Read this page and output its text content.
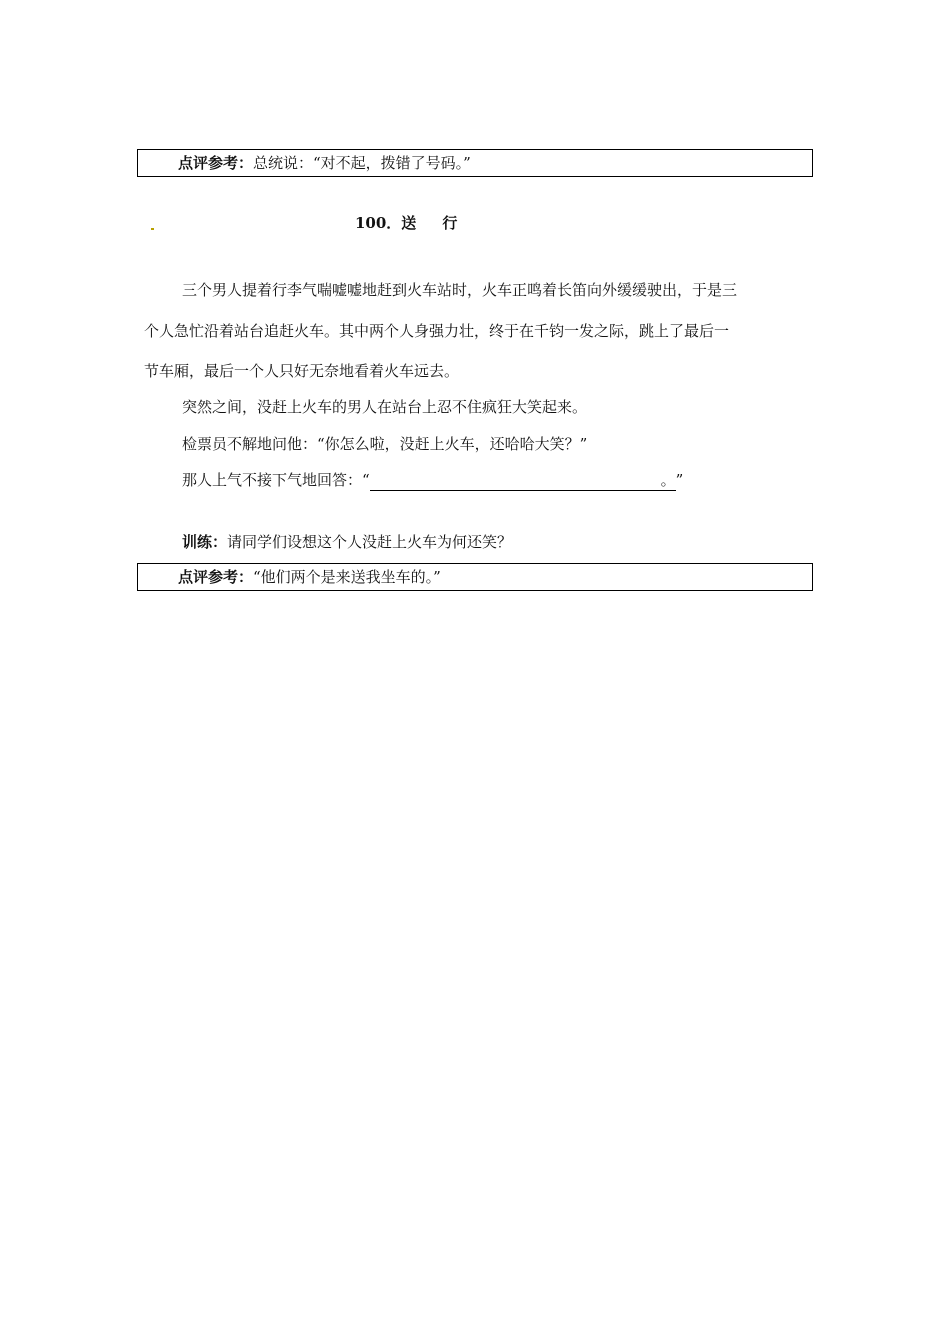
点评参考：总统说：“对不起，拨错了号码。”
100．送 行
三个男人提着行李气喘嘘嘘地赶到火车站时，火车正鸣着长笛向外缓缓驶出，于是三
个人急忙沿着站台追赶火车。其中两个人身强力壮，终于在千钧一发之际，跳上了最后一
节车厢，最后一个人只好无奈地看着火车远去。
突然之间，没赶上火车的男人在站台上忍不住疯狂大笑起来。
检票员不解地问他：“你怎么啦，没赶上火车，还哈哈大笑？”
那人上气不接下气地回答：“	。”
训练：请同学们设想这个人没赶上火车为何还笑？
点评参考：“他们两个是来送我坐车的。”
